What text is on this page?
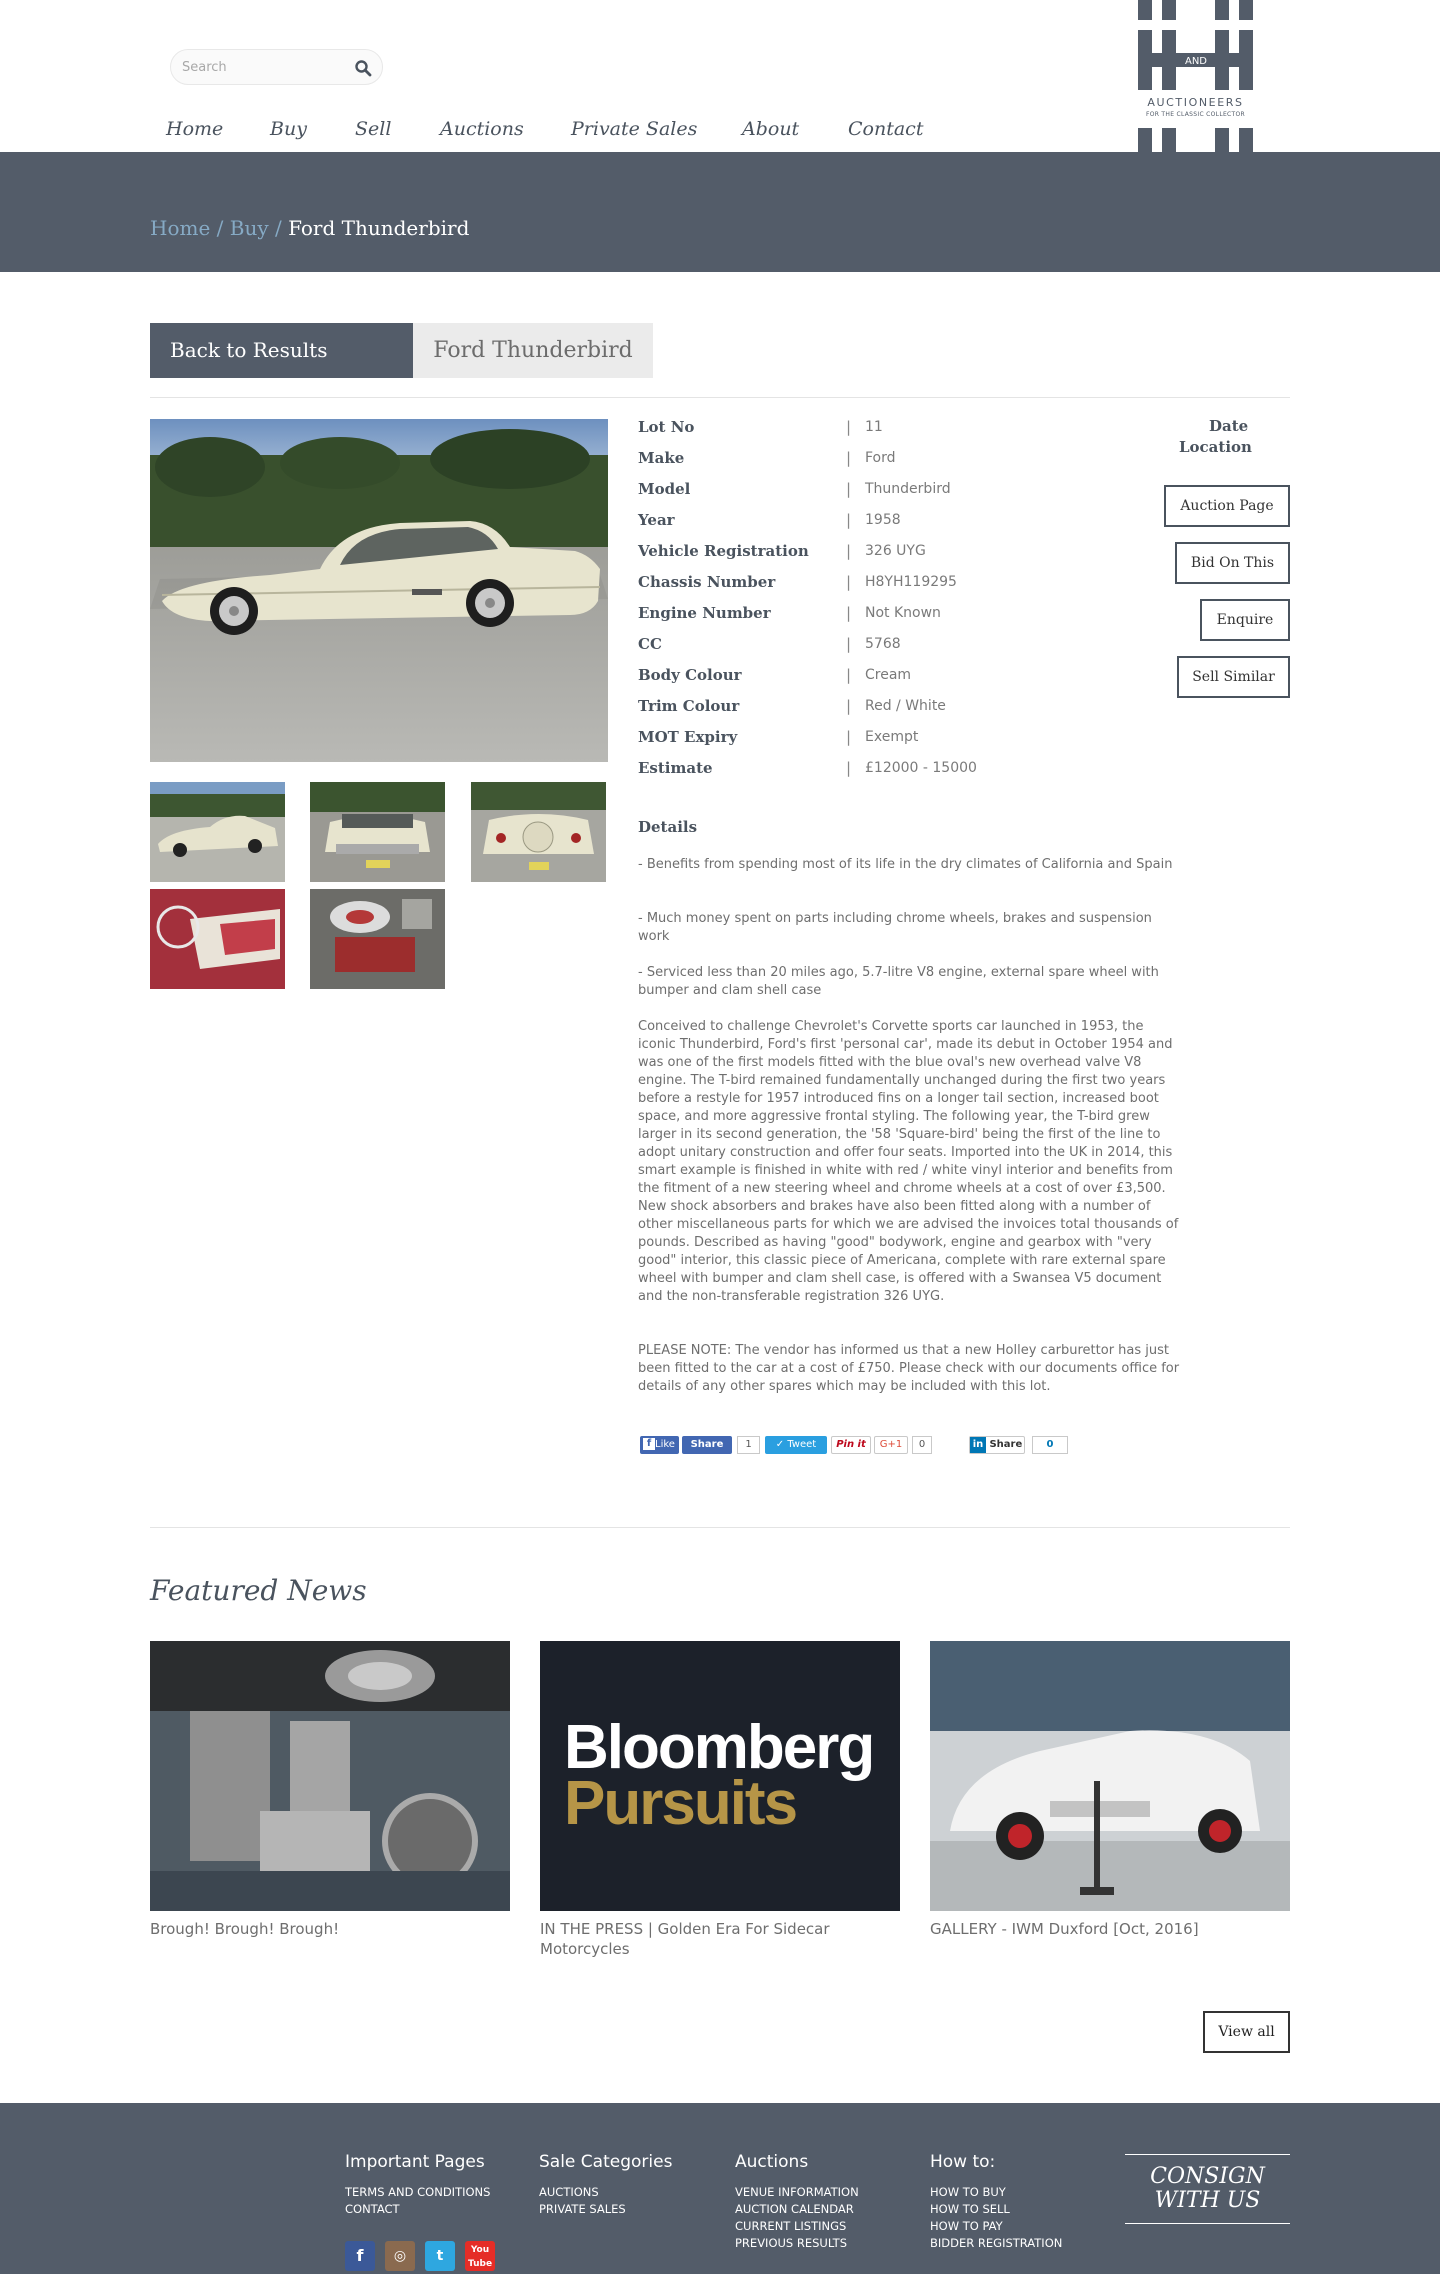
Search
Home Buy	Sell	Auctions Private Sales About	Contact
AND
AUCTIONEERS
FOR THE CLASSIC COLLECTOR
Home / Buy / Ford Thunderbird
Back to Results	Ford Thunderbird
Lot No	| 11
Make	| Ford
Model	| Thunderbird
Year	| 1958
Vehicle Registration | 326 UYG
Chassis Number	| H8YH119295
Engine Number	| Not Known
CC	| 5768
Body Colour	| Cream
Trim Colour	| Red / White
MOT Expiry	| Exempt
Estimate	| £12000 - 15000
Date
Location
Auction Page
Bid On This
Enquire
Sell Similar
Details

- Benefits from spending most of its life in the dry climates of California and Spain

- Much money spent on parts including chrome wheels, brakes and suspension work

- Serviced less than 20 miles ago, 5.7-litre V8 engine, external spare wheel with bumper and clam shell case

Conceived to challenge Chevrolet's Corvette sports car launched in 1953, the iconic Thunderbird, Ford's first 'personal car', made its debut in October 1954 and was one of the first models fitted with the blue oval's new overhead valve V8 engine. The T-bird remained fundamentally unchanged during the first two years before a restyle for 1957 introduced fins on a longer tail section, increased boot space, and more aggressive frontal styling. The following year, the T-bird grew larger in its second generation, the '58 'Square-bird' being the first of the line to adopt unitary construction and offer four seats. Imported into the UK in 2014, this smart example is finished in white with red / white vinyl interior and benefits from the fitment of a new steering wheel and chrome wheels at a cost of over £3,500. New shock absorbers and brakes have also been fitted along with a number of other miscellaneous parts for which we are advised the invoices total thousands of pounds. Described as having "good" bodywork, engine and gearbox with "very good" interior, this classic piece of Americana, complete with rare external spare wheel with bumper and clam shell case, is offered with a Swansea V5 document and the non-transferable registration 326 UYG.

PLEASE NOTE: The vendor has informed us that a new Holley carburettor has just been fitted to the car at a cost of £750. Please check with our documents office for details of any other spares which may be included with this lot.

f Like	Share	1	✓ Tweet	Pin it	G+1	0	in Share	0
Featured News
Bloomberg
Pursuits
Brough! Brough! Brough!	IN THE PRESS | Golden Era For Sidecar Motorcycles
GALLERY - IWM Duxford [Oct, 2016]
View all
Important Pages
TERMS AND CONDITIONS
CONTACT
Sale Categories
AUCTIONS
PRIVATE SALES
Auctions
VENUE INFORMATION
AUCTION CALENDAR
CURRENT LISTINGS
PREVIOUS RESULTS
How to:
HOW TO BUY
HOW TO SELL
HOW TO PAY
BIDDER REGISTRATION
CONSIGN
WITH US
f	◎	t	You
Tube
